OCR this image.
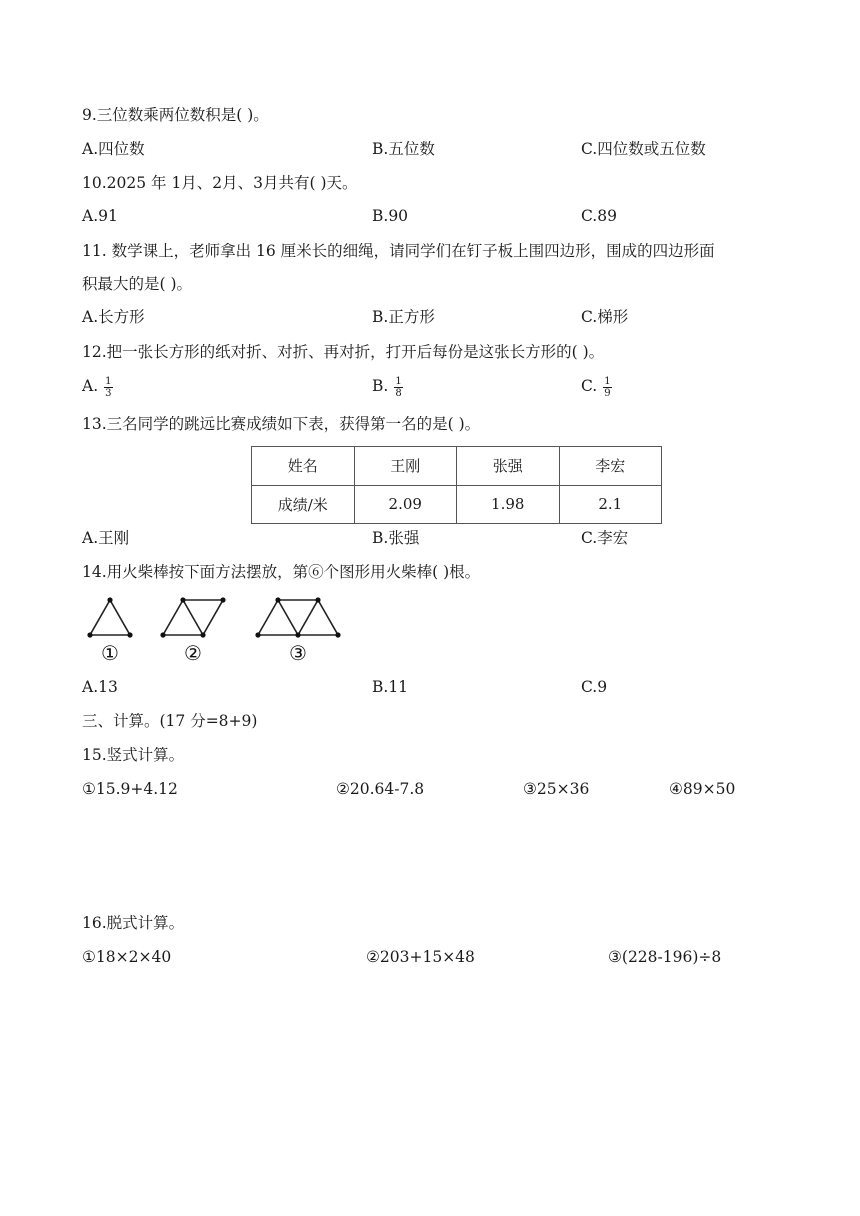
9.三位数乘两位数积是( )。
A.四位数	B.五位数	C.四位数或五位数
10.2025 年 1月、2月、3月共有( )天。
A.91	B.90	C.89
11. 数学课上，老师拿出 16 厘米长的细绳，请同学们在钉子板上围四边形，围成的四边形面
积最大的是( )。
A.长方形	B.正方形	C.梯形
12.把一张长方形的纸对折、对折、再对折，打开后每份是这张长方形的( )。
A. $\frac{1}{3}$	B. $\frac{1}{8}$	C. $\frac{1}{9}$
13.三名同学的跳远比赛成绩如下表，获得第一名的是( )。
姓名	王刚	张强	李宏
成绩/米	2.09	1.98	2.1
A.王刚	B.张强	C.李宏
14.用火柴棒按下面方法摆放，第⑥个图形用火柴棒( )根。
①	②	③
A.13	B.11	C.9
三、计算。(17 分=8+9)
15.竖式计算。
①15.9+4.12	②20.64-7.8	③25×36	④89×50
16.脱式计算。
①18×2×40	②203+15×48	③(228-196)÷8
